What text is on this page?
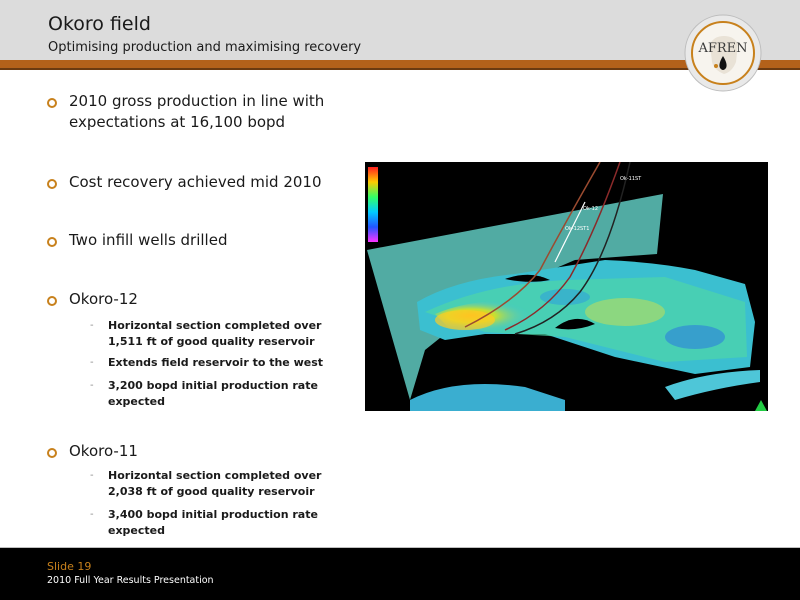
Okoro field
Optimising production and maximising recovery	AFREN
2010 gross production in line with
expectations at 16,100 bopd
Cost recovery achieved mid 2010
Two infill wells drilled
Okoro-12
- Horizontal section completed over
1,511 ft of good quality reservoir
- Extends field reservoir to the west
- 3,200 bopd initial production rate
expected
Okoro-11
- Horizontal section completed over
2,038 ft of good quality reservoir
- 3,400 bopd initial production rate
expected
Ok-11ST
Ok-12
Ok-12ST1
Slide 19
2010 Full Year Results Presentation
